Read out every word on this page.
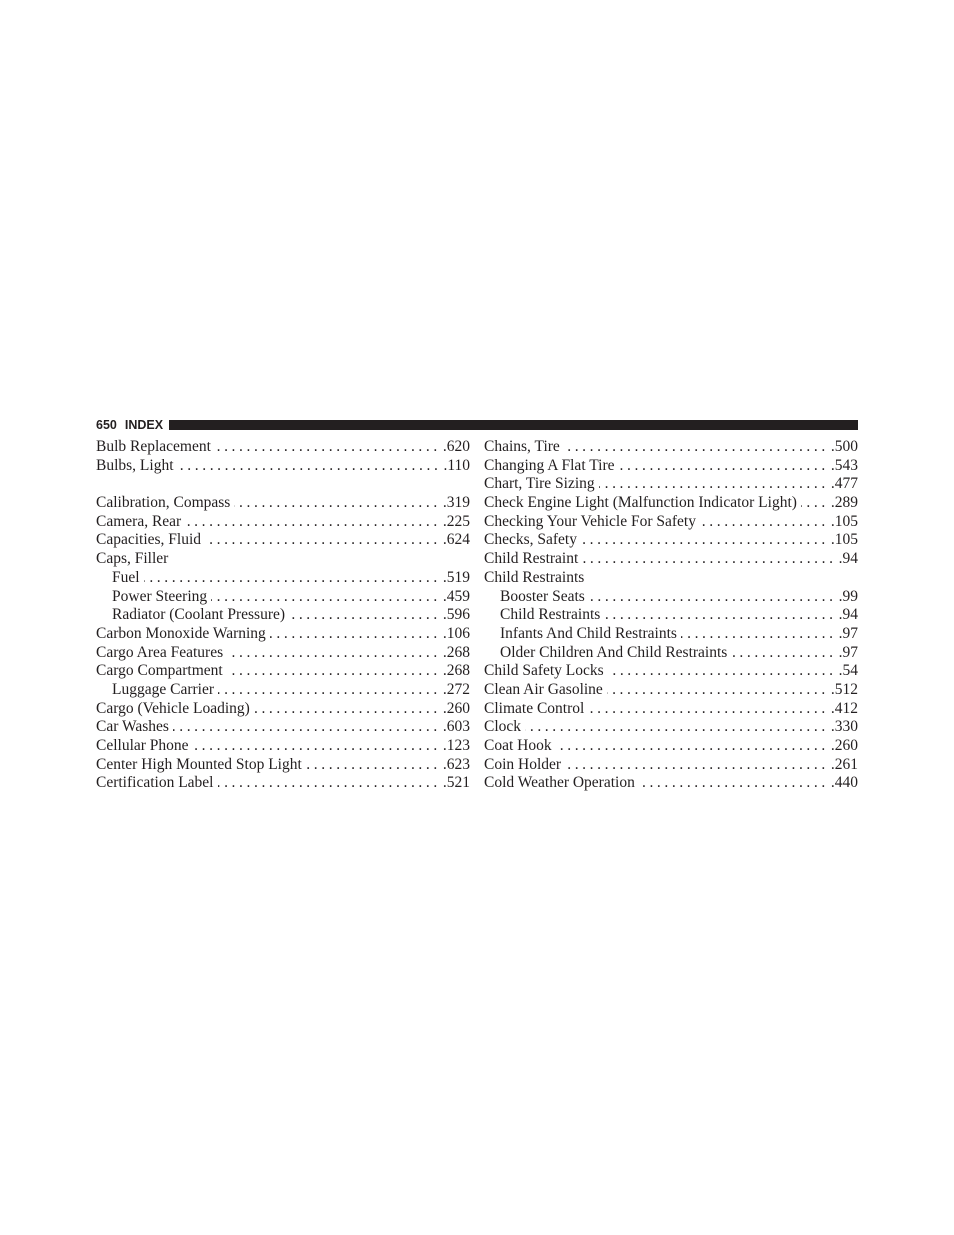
650 INDEX
Bulb Replacement .....	.620
Bulbs, Light .....	.110
Calibration, Compass .....	.319
Camera, Rear .....	.225
Capacities, Fluid .....	.624
Caps, Filler
Fuel .....	.519
Power Steering .....	.459
Radiator (Coolant Pressure) .....	.596
Carbon Monoxide Warning .....	.106
Cargo Area Features .....	.268
Cargo Compartment .....	.268
Luggage Carrier .....	.272
Cargo (Vehicle Loading) .....	.260
Car Washes .....	.603
Cellular Phone .....	.123
Center High Mounted Stop Light .....	.623
Certification Label .....	.521
Chains, Tire .....	.500
Changing A Flat Tire .....	.543
Chart, Tire Sizing .....	.477
Check Engine Light (Malfunction Indicator Light) ..... .289
Checking Your Vehicle For Safety .....	.105
Checks, Safety .....	.105
Child Restraint .....	.94
Child Restraints
Booster Seats .....	.99
Child Restraints .....	.94
Infants And Child Restraints .....	.97
Older Children And Child Restraints .....	.97
Child Safety Locks .....	.54
Clean Air Gasoline .....	.512
Climate Control .....	.412
Clock .....	.330
Coat Hook .....	.260
Coin Holder .....	.261
Cold Weather Operation .....	.440
